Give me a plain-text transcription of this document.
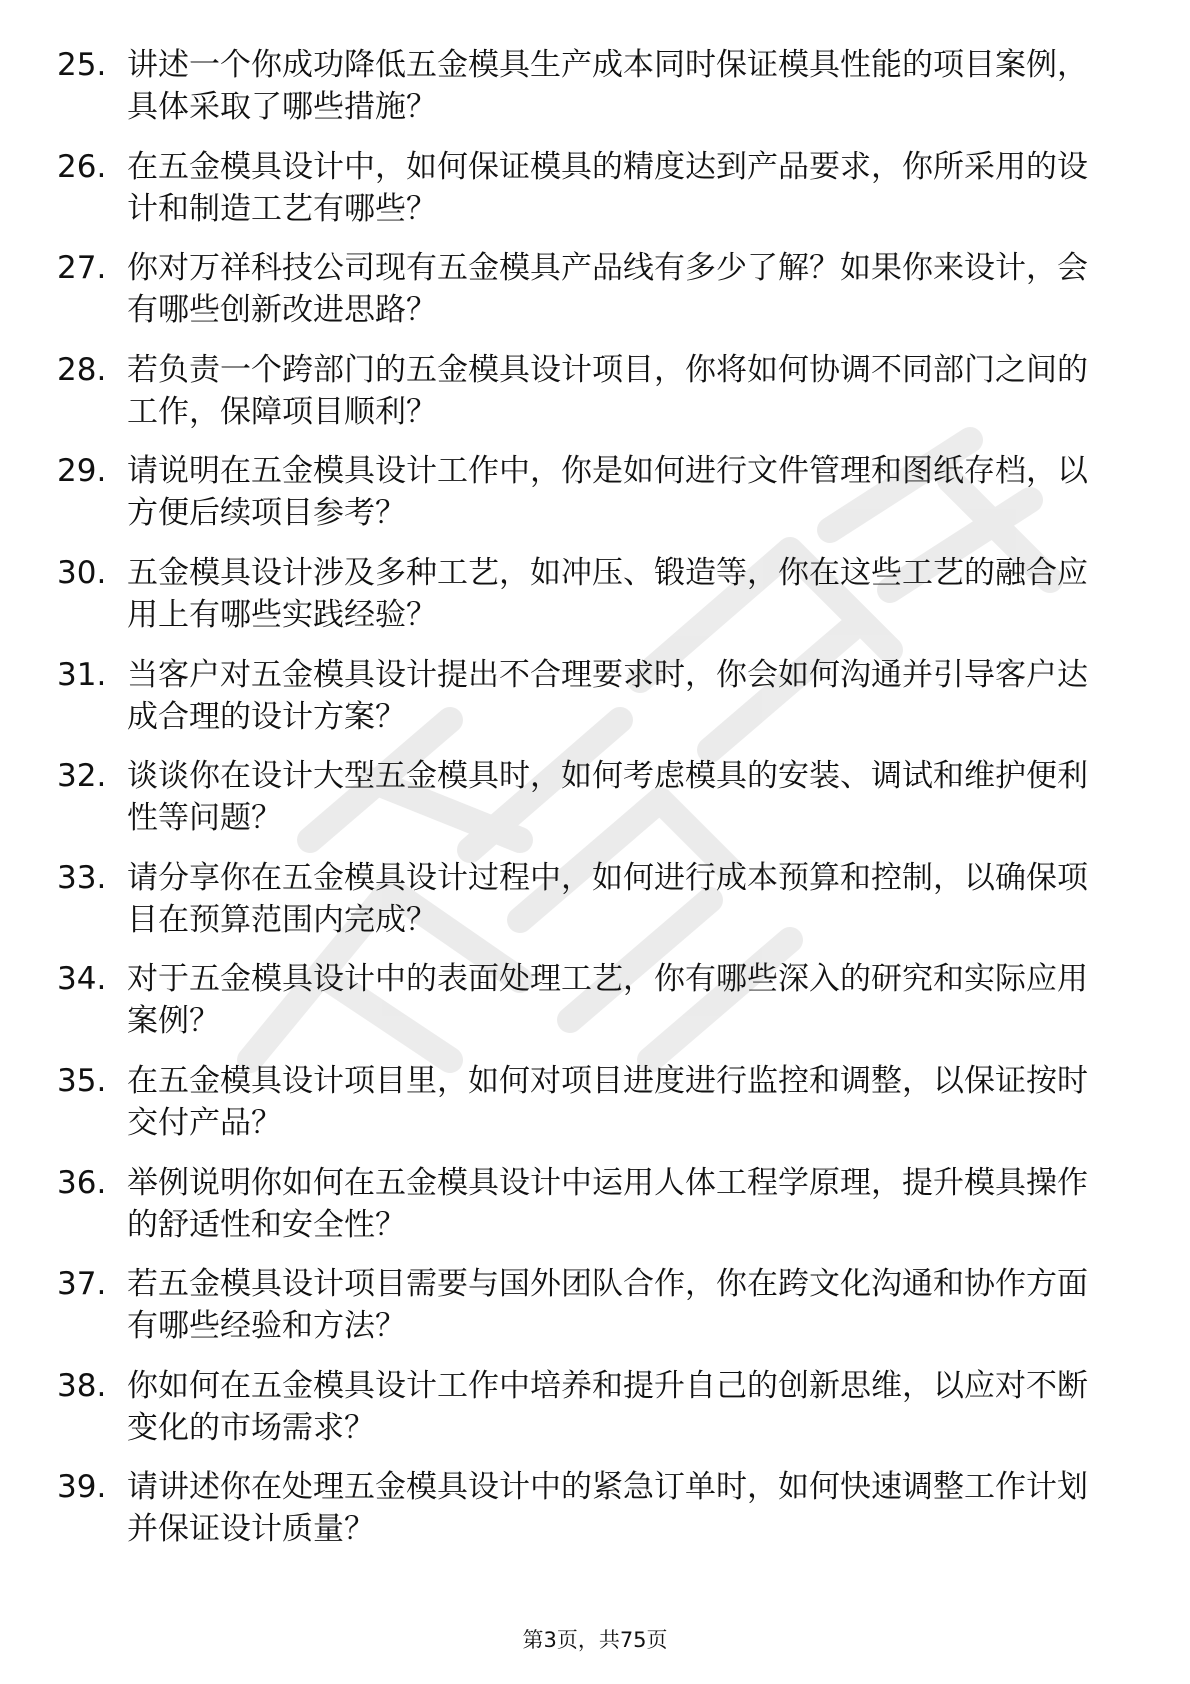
25. 讲述一个你成功降低五金模具生产成本同时保证模具性能的项目案例，具体采取了哪些措施？
26. 在五金模具设计中，如何保证模具的精度达到产品要求，你所采用的设计和制造工艺有哪些？
27. 你对万祥科技公司现有五金模具产品线有多少了解？如果你来设计，会有哪些创新改进思路？
28. 若负责一个跨部门的五金模具设计项目，你将如何协调不同部门之间的工作，保障项目顺利？
29. 请说明在五金模具设计工作中，你是如何进行文件管理和图纸存档，以方便后续项目参考？
30. 五金模具设计涉及多种工艺，如冲压、锻造等，你在这些工艺的融合应用上有哪些实践经验？
31. 当客户对五金模具设计提出不合理要求时，你会如何沟通并引导客户达成合理的设计方案？
32. 谈谈你在设计大型五金模具时，如何考虑模具的安装、调试和维护便利性等问题？
33. 请分享你在五金模具设计过程中，如何进行成本预算和控制，以确保项目在预算范围内完成？
34. 对于五金模具设计中的表面处理工艺，你有哪些深入的研究和实际应用案例？
35. 在五金模具设计项目里，如何对项目进度进行监控和调整，以保证按时交付产品？
36. 举例说明你如何在五金模具设计中运用人体工程学原理，提升模具操作的舒适性和安全性？
37. 若五金模具设计项目需要与国外团队合作，你在跨文化沟通和协作方面有哪些经验和方法？
38. 你如何在五金模具设计工作中培养和提升自己的创新思维，以应对不断变化的市场需求？
39. 请讲述你在处理五金模具设计中的紧急订单时，如何快速调整工作计划并保证设计质量？
第3页，共75页
